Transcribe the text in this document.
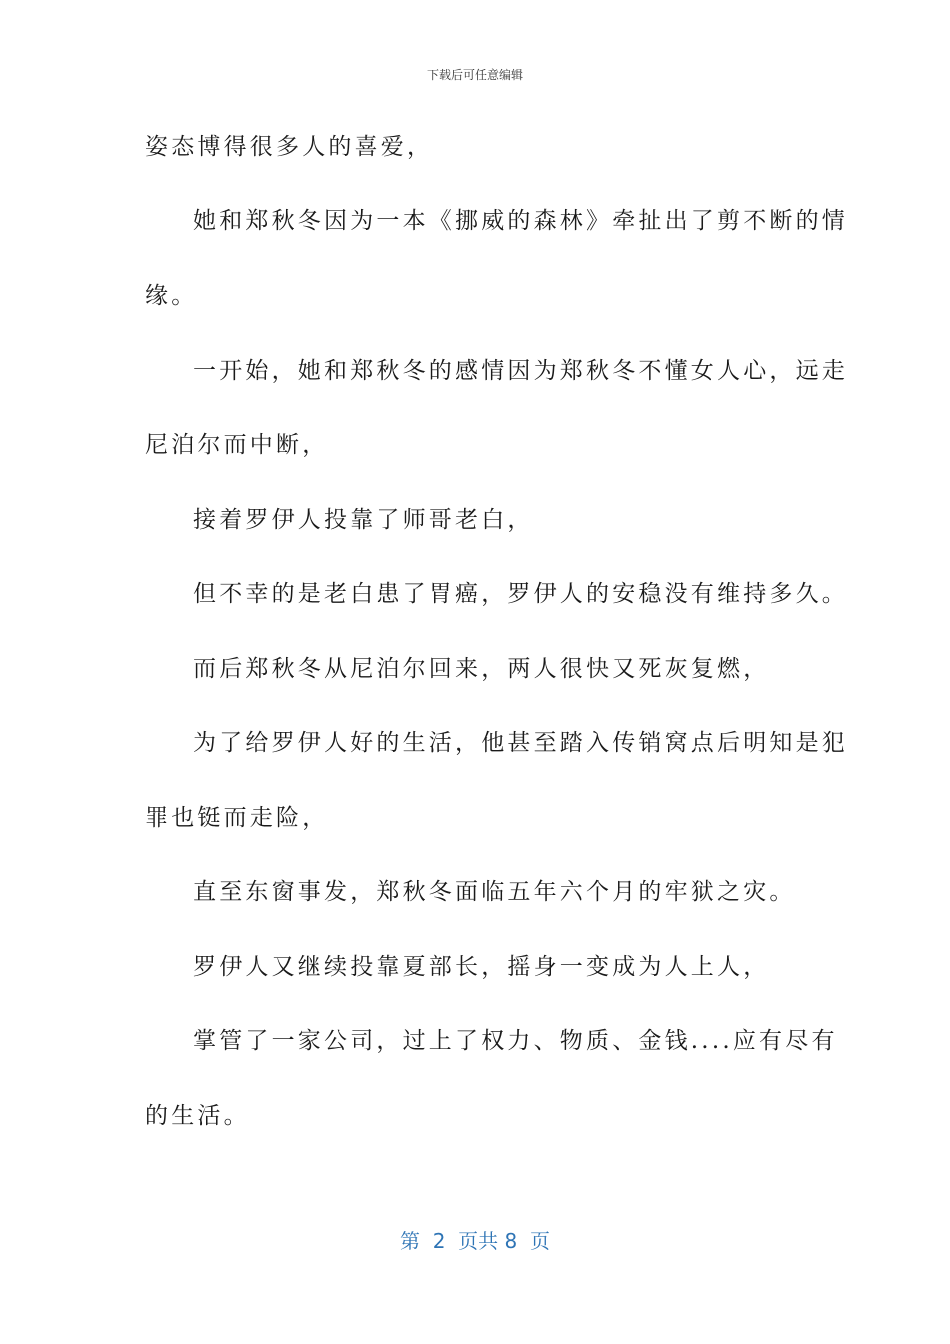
下载后可任意编辑
姿态博得很多人的喜爱，
她和郑秋冬因为一本《挪威的森林》牵扯出了剪不断的情
缘。
一开始，她和郑秋冬的感情因为郑秋冬不懂女人心，远走
尼泊尔而中断，
接着罗伊人投靠了师哥老白，
但不幸的是老白患了胃癌，罗伊人的安稳没有维持多久。
而后郑秋冬从尼泊尔回来，两人很快又死灰复燃，
为了给罗伊人好的生活，他甚至踏入传销窝点后明知是犯
罪也铤而走险，
直至东窗事发，郑秋冬面临五年六个月的牢狱之灾。
罗伊人又继续投靠夏部长，摇身一变成为人上人，
掌管了一家公司，过上了权力、物质、金钱....应有尽有
的生活。
第  2  页共 8  页
